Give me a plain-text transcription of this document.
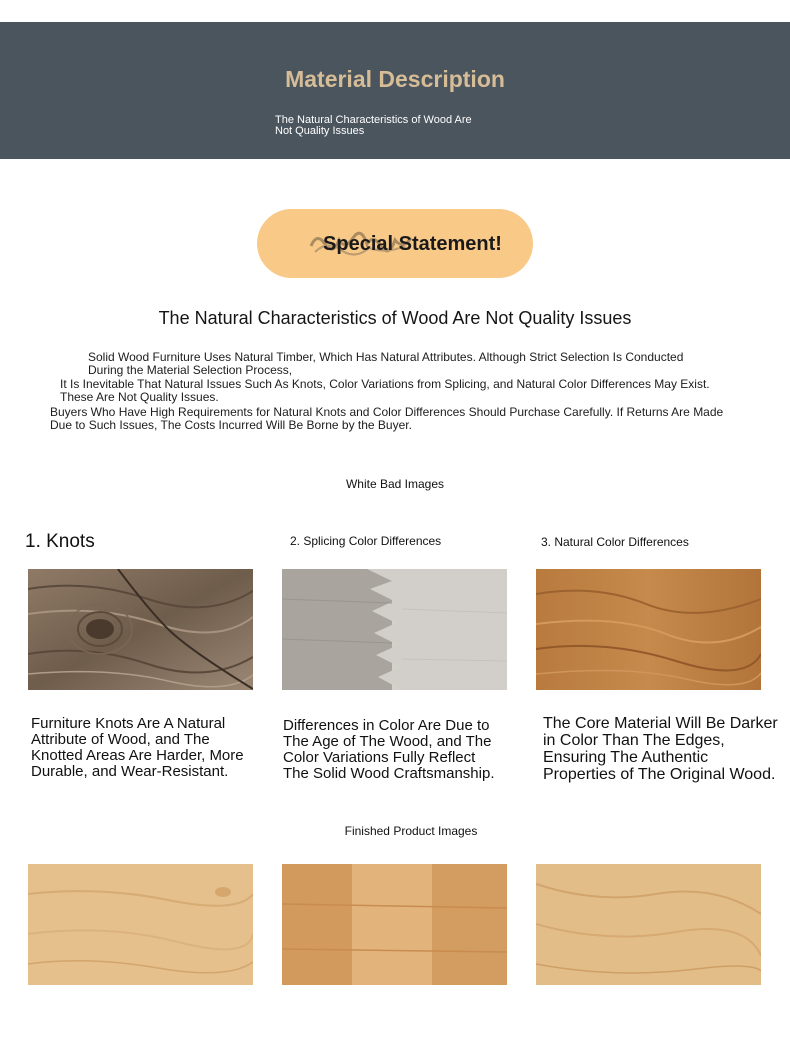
Material Description
The Natural Characteristics of Wood Are
Not Quality Issues
Special Statement!
The Natural Characteristics of Wood Are Not Quality Issues
Solid Wood Furniture Uses Natural Timber, Which Has Natural Attributes. Although Strict Selection Is Conducted
During the Material Selection Process,
It Is Inevitable That Natural Issues Such As Knots, Color Variations from Splicing, and Natural Color Differences May Exist.
These Are Not Quality Issues.
Buyers Who Have High Requirements for Natural Knots and Color Differences Should Purchase Carefully. If Returns Are Made
Due to Such Issues, The Costs Incurred Will Be Borne by the Buyer.
White Bad Images
1. Knots	2. Splicing Color Differences	3. Natural Color Differences
Furniture Knots Are A Natural
Attribute of Wood, and The
Knotted Areas Are Harder, More
Durable, and Wear-Resistant.
Differences in Color Are Due to
The Age of The Wood, and The
Color Variations Fully Reflect
The Solid Wood Craftsmanship.
The Core Material Will Be Darker
in Color Than The Edges,
Ensuring The Authentic
Properties of The Original Wood.
Finished Product Images
